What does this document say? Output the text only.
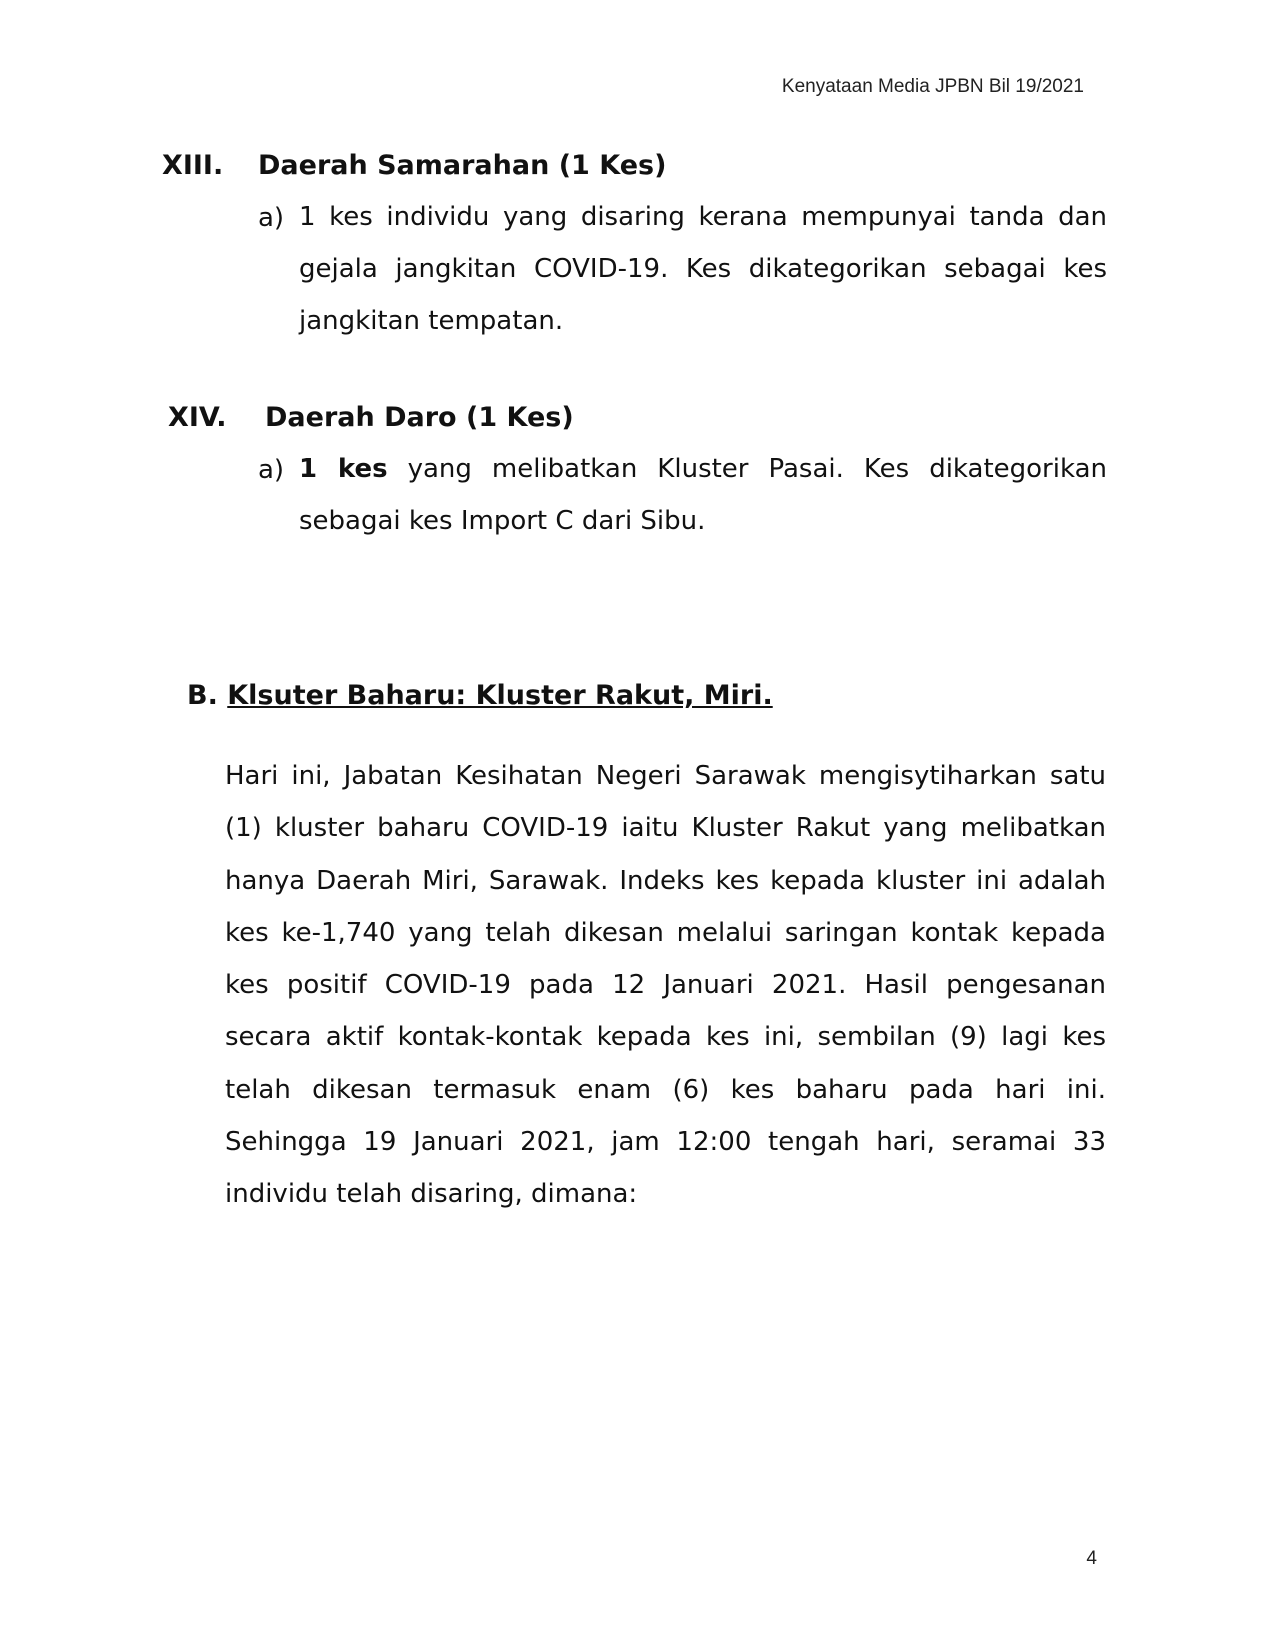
Kenyataan Media JPBN Bil 19/2021
XIII. Daerah Samarahan (1 Kes)
a) 1 kes individu yang disaring kerana mempunyai tanda dan gejala jangkitan COVID-19. Kes dikategorikan sebagai kes jangkitan tempatan.
XIV. Daerah Daro (1 Kes)
a) 1 kes yang melibatkan Kluster Pasai. Kes dikategorikan sebagai kes Import C dari Sibu.
B. Klsuter Baharu: Kluster Rakut, Miri.
Hari ini, Jabatan Kesihatan Negeri Sarawak mengisytiharkan satu (1) kluster baharu COVID-19 iaitu Kluster Rakut yang melibatkan hanya Daerah Miri, Sarawak. Indeks kes kepada kluster ini adalah kes ke-1,740 yang telah dikesan melalui saringan kontak kepada kes positif COVID-19 pada 12 Januari 2021. Hasil pengesanan secara aktif kontak-kontak kepada kes ini, sembilan (9) lagi kes telah dikesan termasuk enam (6) kes baharu pada hari ini. Sehingga 19 Januari 2021, jam 12:00 tengah hari, seramai 33 individu telah disaring, dimana:
4
